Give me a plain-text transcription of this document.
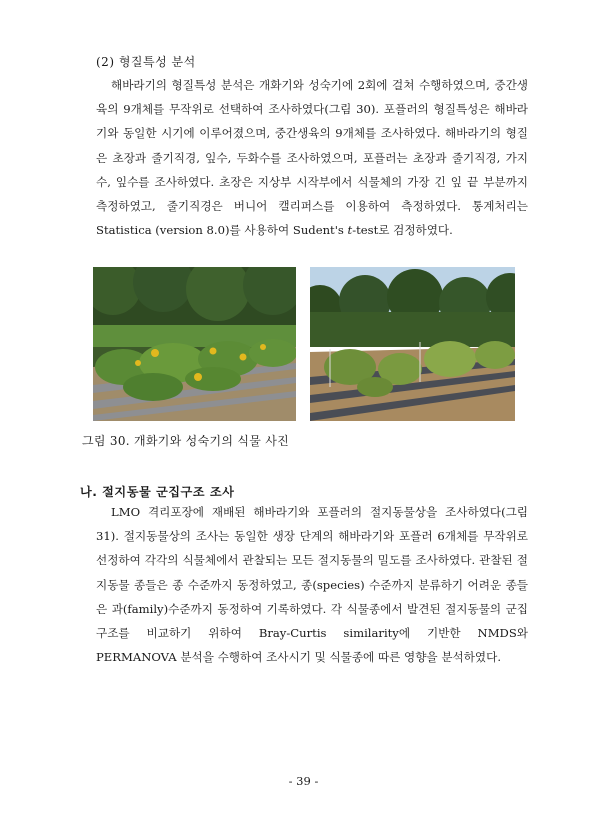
(2) 형질특성 분석

해바라기의 형질특성 분석은 개화기와 성숙기에 2회에 걸쳐 수행하였으며, 중간생육의 9개체를 무작위로 선택하여 조사하였다(그림 30). 포플러의 형질특성은 해바라기와 동일한 시기에 이루어졌으며, 중간생육의 9개체를 조사하였다. 해바라기의 형질은 초장과 줄기직경, 잎수, 두화수를 조사하였으며, 포플러는 초장과 줄기직경, 가지수, 잎수를 조사하였다. 초장은 지상부 시작부에서 식물체의 가장 긴 잎 끝 부분까지 측정하였고, 줄기직경은 버니어 캘리퍼스를 이용하여 측정하였다. 통계처리는 Statistica (version 8.0)를 사용하여 Sudent's t-test로 검정하였다.

그림 30. 개화기와 성숙기의 식물 사진
나. 절지동물 군집구조 조사

LMO 격리포장에 재배된 해바라기와 포플러의 절지동물상을 조사하였다(그림 31). 절지동물상의 조사는 동일한 생장 단계의 해바라기와 포플러 6개체를 무작위로 선정하여 각각의 식물체에서 관찰되는 모든 절지동물의 밀도를 조사하였다. 관찰된 절지동물 종들은 종 수준까지 동정하였고, 종(species) 수준까지 분류하기 어려운 종들은 과(family)수준까지 동정하여 기록하였다. 각 식물종에서 발견된 절지동물의 군집 구조를 비교하기 위하여 Bray-Curtis similarity에 기반한 NMDS와 PERMANOVA 분석을 수행하여 조사시기 및 식물종에 따른 영향을 분석하였다.

- 39 -
